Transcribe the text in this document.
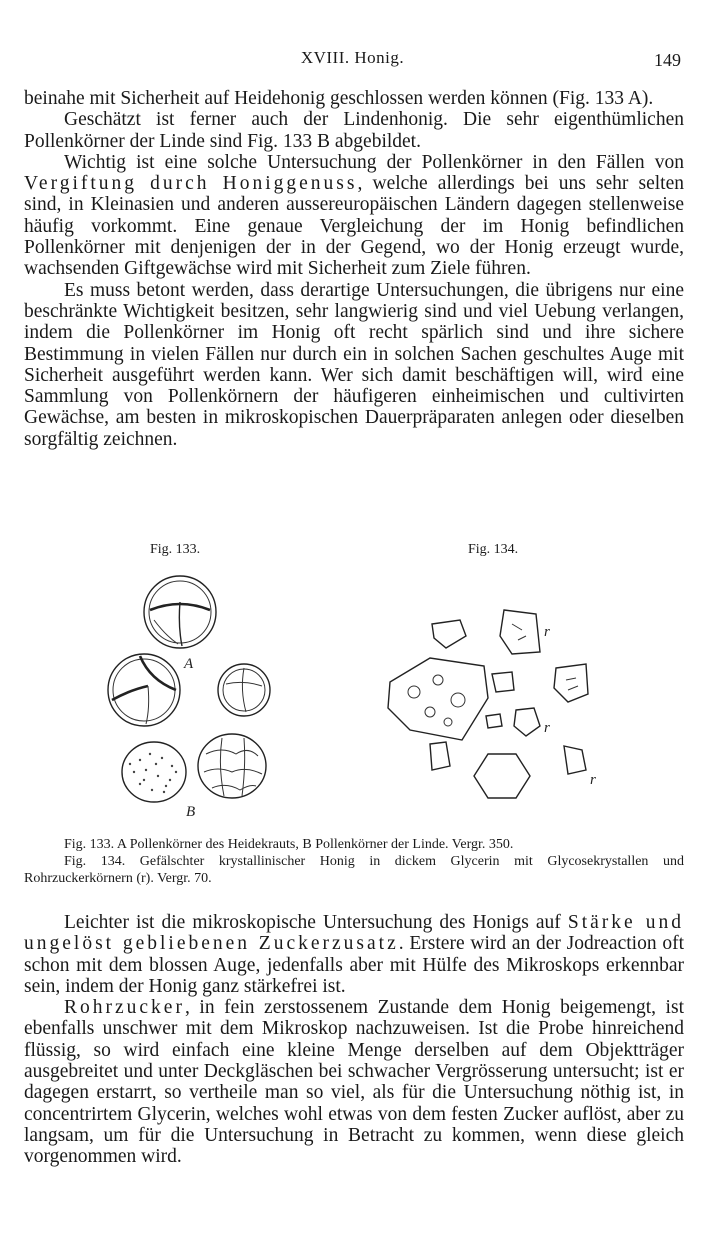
XVIII. Honig.	149

beinahe mit Sicherheit auf Heidehonig geschlossen werden können (Fig. 133 A).

Geschätzt ist ferner auch der Lindenhonig. Die sehr eigenthümlichen Pollenkörner der Linde sind Fig. 133 B abgebildet.

Wichtig ist eine solche Untersuchung der Pollenkörner in den Fällen von Vergiftung durch Honiggenuss, welche allerdings bei uns sehr selten sind, in Kleinasien und anderen aussereuropäischen Ländern dagegen stellenweise häufig vorkommt. Eine genaue Vergleichung der im Honig befindlichen Pollenkörner mit denjenigen der in der Gegend, wo der Honig erzeugt wurde, wachsenden Giftgewächse wird mit Sicherheit zum Ziele führen.

Es muss betont werden, dass derartige Untersuchungen, die übrigens nur eine beschränkte Wichtigkeit besitzen, sehr langwierig sind und viel Uebung verlangen, indem die Pollenkörner im Honig oft recht spärlich sind und ihre sichere Bestimmung in vielen Fällen nur durch ein in solchen Sachen geschultes Auge mit Sicherheit ausgeführt werden kann. Wer sich damit beschäftigen will, wird eine Sammlung von Pollenkörnern der häufigeren einheimischen und cultivirten Gewächse, am besten in mikroskopischen Dauerpräparaten anlegen oder dieselben sorgfältig zeichnen.

Fig. 133.	Fig. 134.
A
B
r
r
r

Fig. 133. A Pollenkörner des Heidekrauts, B Pollenkörner der Linde. Vergr. 350.

Fig. 134. Gefälschter krystallinischer Honig in dickem Glycerin mit Glycosekrystallen und Rohrzuckerkörnern (r). Vergr. 70.

Leichter ist die mikroskopische Untersuchung des Honigs auf Stärke und ungelöst gebliebenen Zuckerzusatz. Erstere wird an der Jodreaction oft schon mit dem blossen Auge, jedenfalls aber mit Hülfe des Mikroskops erkennbar sein, indem der Honig ganz stärkefrei ist.

Rohrzucker, in fein zerstossenem Zustande dem Honig beigemengt, ist ebenfalls unschwer mit dem Mikroskop nachzuweisen. Ist die Probe hinreichend flüssig, so wird einfach eine kleine Menge derselben auf dem Objektträger ausgebreitet und unter Deckgläschen bei schwacher Vergrösserung untersucht; ist er dagegen erstarrt, so vertheile man so viel, als für die Untersuchung nöthig ist, in concentrirtem Glycerin, welches wohl etwas von dem festen Zucker auflöst, aber zu langsam, um für die Untersuchung in Betracht zu kommen, wenn diese gleich vorgenommen wird.
